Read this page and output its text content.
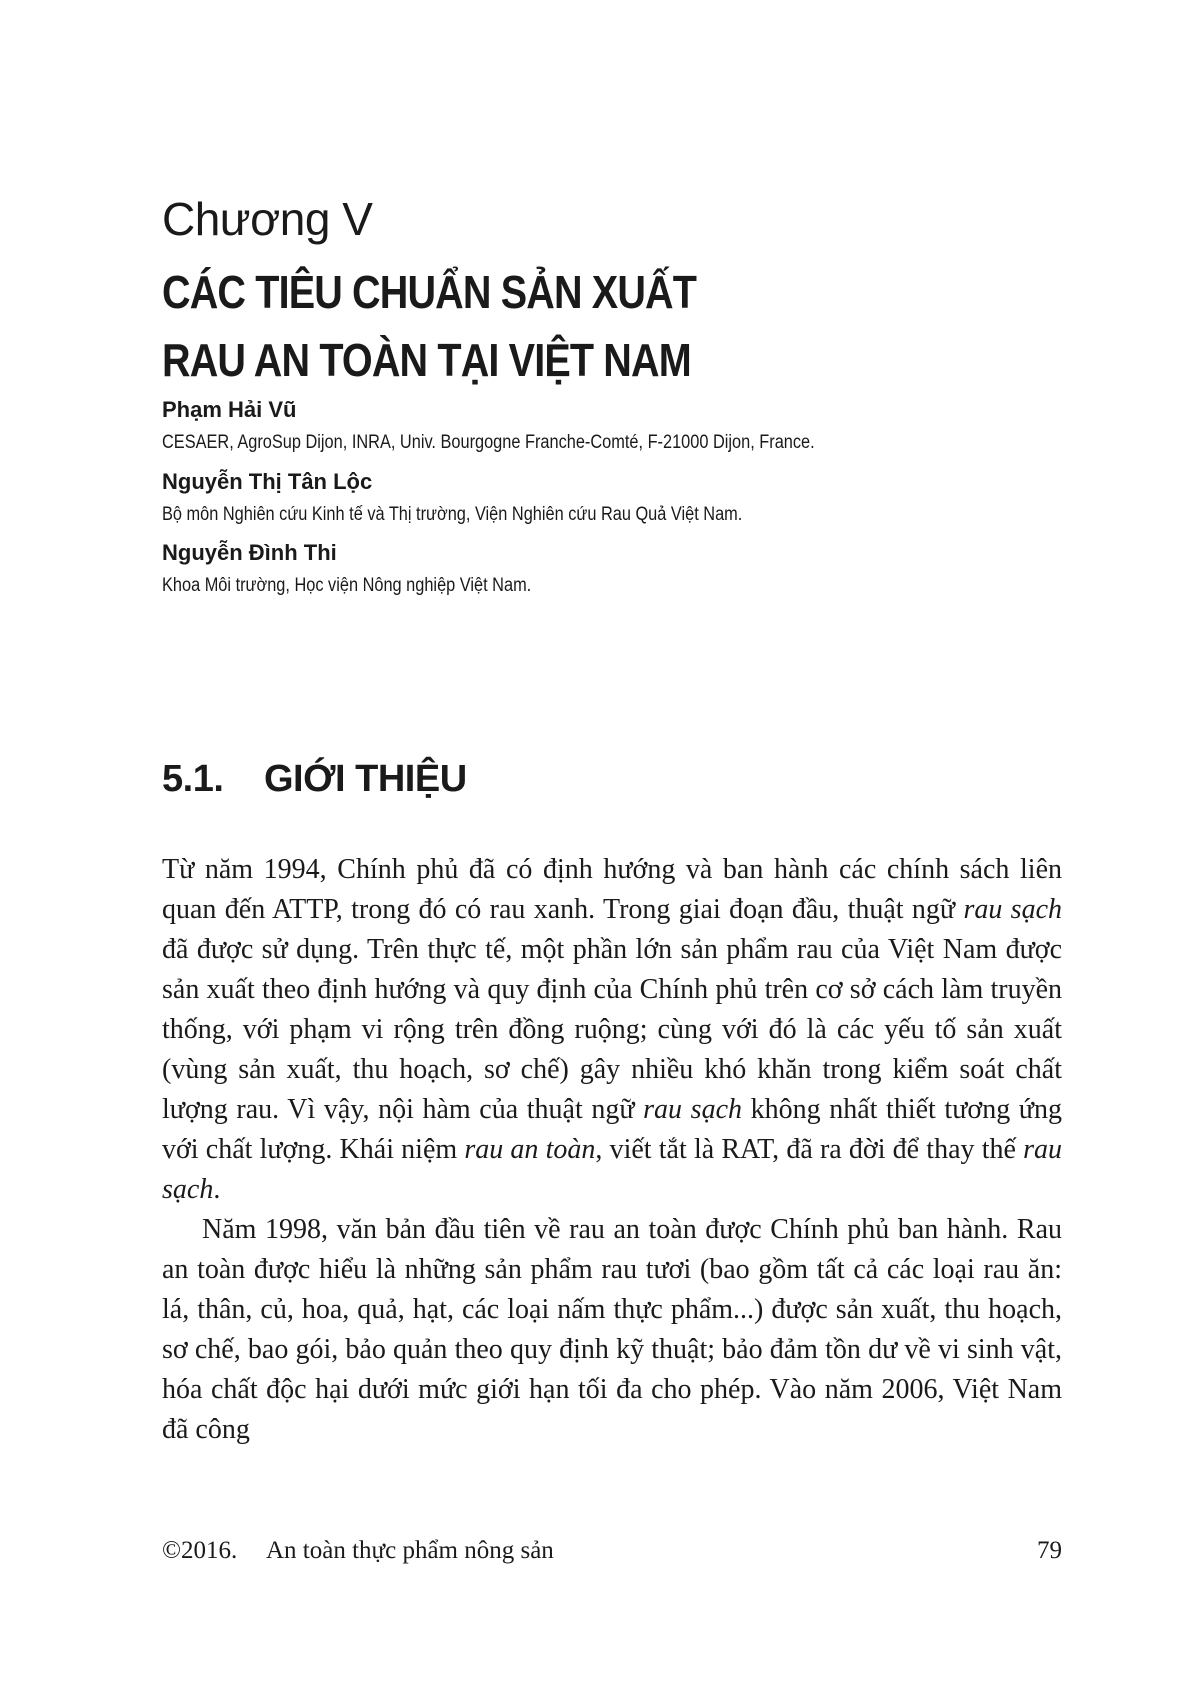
Chương V
CÁC TIÊU CHUẨN SẢN XUẤT
RAU AN TOÀN TẠI VIỆT NAM
Phạm Hải Vũ
CESAER, AgroSup Dijon, INRA, Univ. Bourgogne Franche-Comté, F-21000 Dijon, France.
Nguyễn Thị Tân Lộc
Bộ môn Nghiên cứu Kinh tế và Thị trường, Viện Nghiên cứu Rau Quả Việt Nam.
Nguyễn Đình Thi
Khoa Môi trường, Học viện Nông nghiệp Việt Nam.
5.1. GIỚI THIỆU

Từ năm 1994, Chính phủ đã có định hướng và ban hành các chính sách liên quan đến ATTP, trong đó có rau xanh. Trong giai đoạn đầu, thuật ngữ rau sạch đã được sử dụng. Trên thực tế, một phần lớn sản phẩm rau của Việt Nam được sản xuất theo định hướng và quy định của Chính phủ trên cơ sở cách làm truyền thống, với phạm vi rộng trên đồng ruộng; cùng với đó là các yếu tố sản xuất (vùng sản xuất, thu hoạch, sơ chế) gây nhiều khó khăn trong kiểm soát chất lượng rau. Vì vậy, nội hàm của thuật ngữ rau sạch không nhất thiết tương ứng với chất lượng. Khái niệm rau an toàn, viết tắt là RAT, đã ra đời để thay thế rau sạch.

Năm 1998, văn bản đầu tiên về rau an toàn được Chính phủ ban hành. Rau an toàn được hiểu là những sản phẩm rau tươi (bao gồm tất cả các loại rau ăn: lá, thân, củ, hoa, quả, hạt, các loại nấm thực phẩm...) được sản xuất, thu hoạch, sơ chế, bao gói, bảo quản theo quy định kỹ thuật; bảo đảm tồn dư về vi sinh vật, hóa chất độc hại dưới mức giới hạn tối đa cho phép. Vào năm 2006, Việt Nam đã công

©2016. An toàn thực phẩm nông sản	79
